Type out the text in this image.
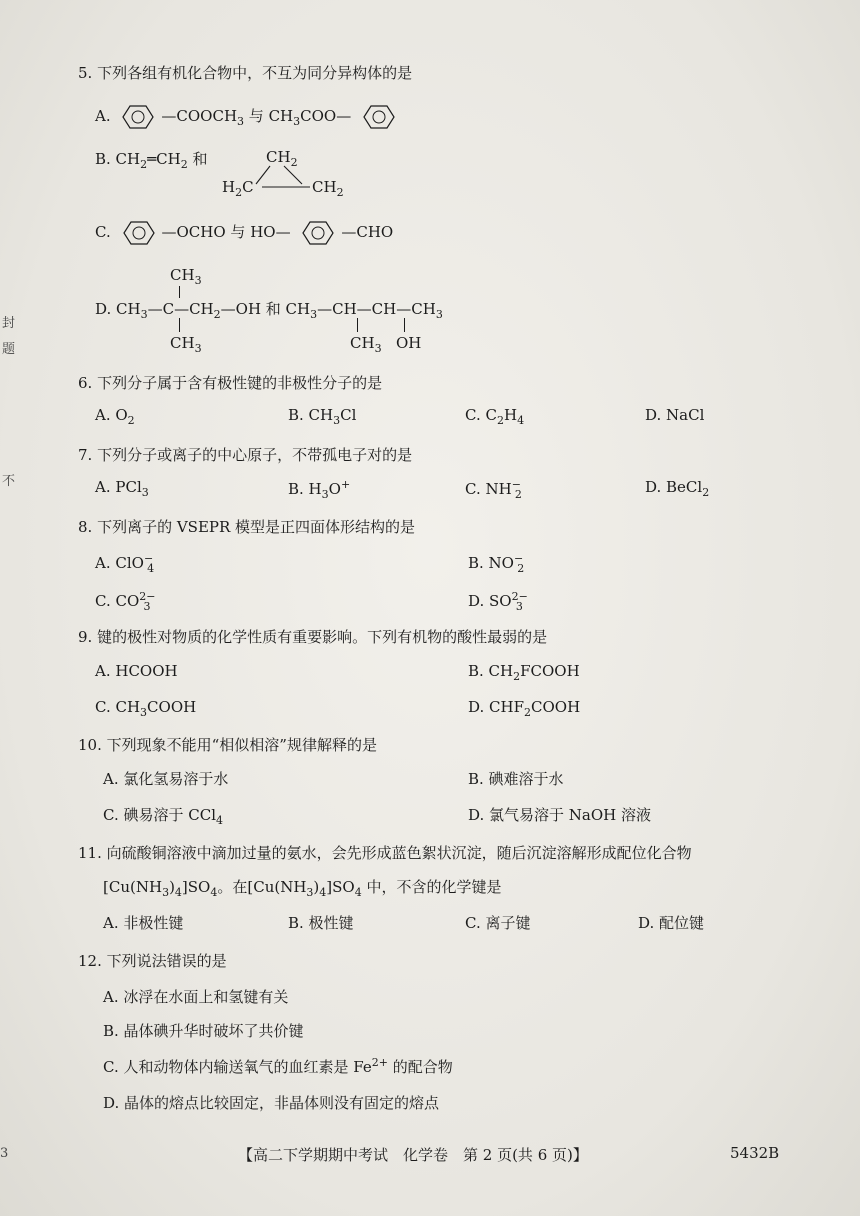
封
题
不
5. 下列各组有机化合物中，不互为同分异构体的是
A.	$—COOCH_3$ 与 $CH_3COO—$
B. $CH_2═CH_2$ 和	$CH_2$
$H_2C$	$CH_2$
C.	—OCHO 与 HO—	—CHO
$CH_3$
D. $CH_3—C—CH_2—OH$ 和 $CH_3—CH—CH—CH_3$
$CH_3$	$CH_3$ OH
6. 下列分子属于含有极性键的非极性分子的是
A. $O_2$	B. $CH_3Cl$	C. $C_2H_4$	D. NaCl
7. 下列分子或离子的中心原子，不带孤电子对的是
A. PCl$_3$	B. $H_3O^+$	C. $NH^-_2$	D. BeCl$_2$
8. 下列离子的 VSEPR 模型是正四面体形结构的是
A. ClO−$_4$	B. $NO^-_2$
C. $CO^{2-}_3$	D. $SO^{2-}_3$
9. 键的极性对物质的化学性质有重要影响。下列有机物的酸性最弱的是
A. HCOOH	B. $CH_2FCOOH$
C. $CH_3COOH$	D. $CHF_2COOH$
10. 下列现象不能用“相似相溶”规律解释的是
A. 氯化氢易溶于水	B. 碘难溶于水
C. 碘易溶于 CCl$_4$	D. 氯气易溶于 NaOH 溶液
11. 向硫酸铜溶液中滴加过量的氨水，会先形成蓝色絮状沉淀，随后沉淀溶解形成配位化合物
$[Cu(NH_3)_4]SO_4$。在$[Cu(NH_3)_4]SO_4$ 中，不含的化学键是
A. 非极性键	B. 极性键	C. 离子键	D. 配位键
12. 下列说法错误的是
A. 冰浮在水面上和氢键有关
B. 晶体碘升华时破坏了共价键
C. 人和动物体内输送氧气的血红素是 $Fe^{2+}$ 的配合物
D. 晶体的熔点比较固定，非晶体则没有固定的熔点
3	【高二下学期期中考试　化学卷　第 2 页(共 6 页)】	5432B
